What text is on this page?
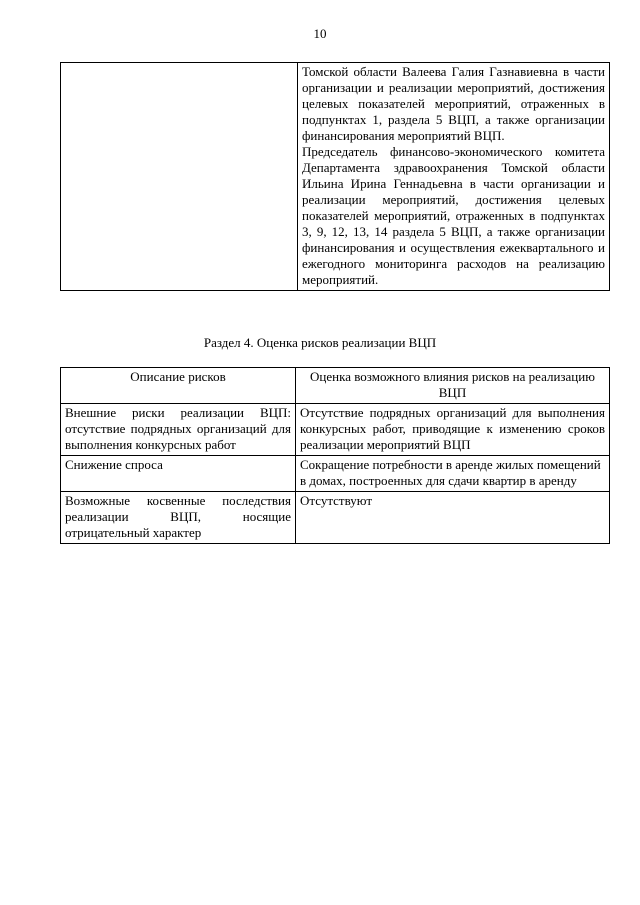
10

Томской области Валеева Галия Газнавиевна в части организации и реализации мероприятий, достижения целевых показателей мероприятий, отраженных в подпунктах 1, раздела 5 ВЦП, а также организации финансирования мероприятий ВЦП.

Председатель финансово-экономического комитета Департамента здравоохранения Томской области Ильина Ирина Геннадьевна в части организации и реализации мероприятий, достижения целевых показателей мероприятий, отраженных в подпунктах 3, 9, 12, 13, 14 раздела 5 ВЦП, а также организации финансирования и осуществления ежеквартального и ежегодного мониторинга расходов на реализацию мероприятий.

Раздел 4. Оценка рисков реализации ВЦП
Описание рисков	Оценка возможного влияния рисков на реализацию ВЦП
Внешние риски реализации ВЦП: отсутствие подрядных организаций для выполнения конкурсных работ	Отсутствие подрядных организаций для выполнения конкурсных работ, приводящие к изменению сроков реализации мероприятий ВЦП
Снижение спроса	Сокращение потребности в аренде жилых помещений в домах, построенных для сдачи квартир в аренду
Возможные косвенные последствия реализации ВЦП, носящие отрицательный характер	Отсутствуют
